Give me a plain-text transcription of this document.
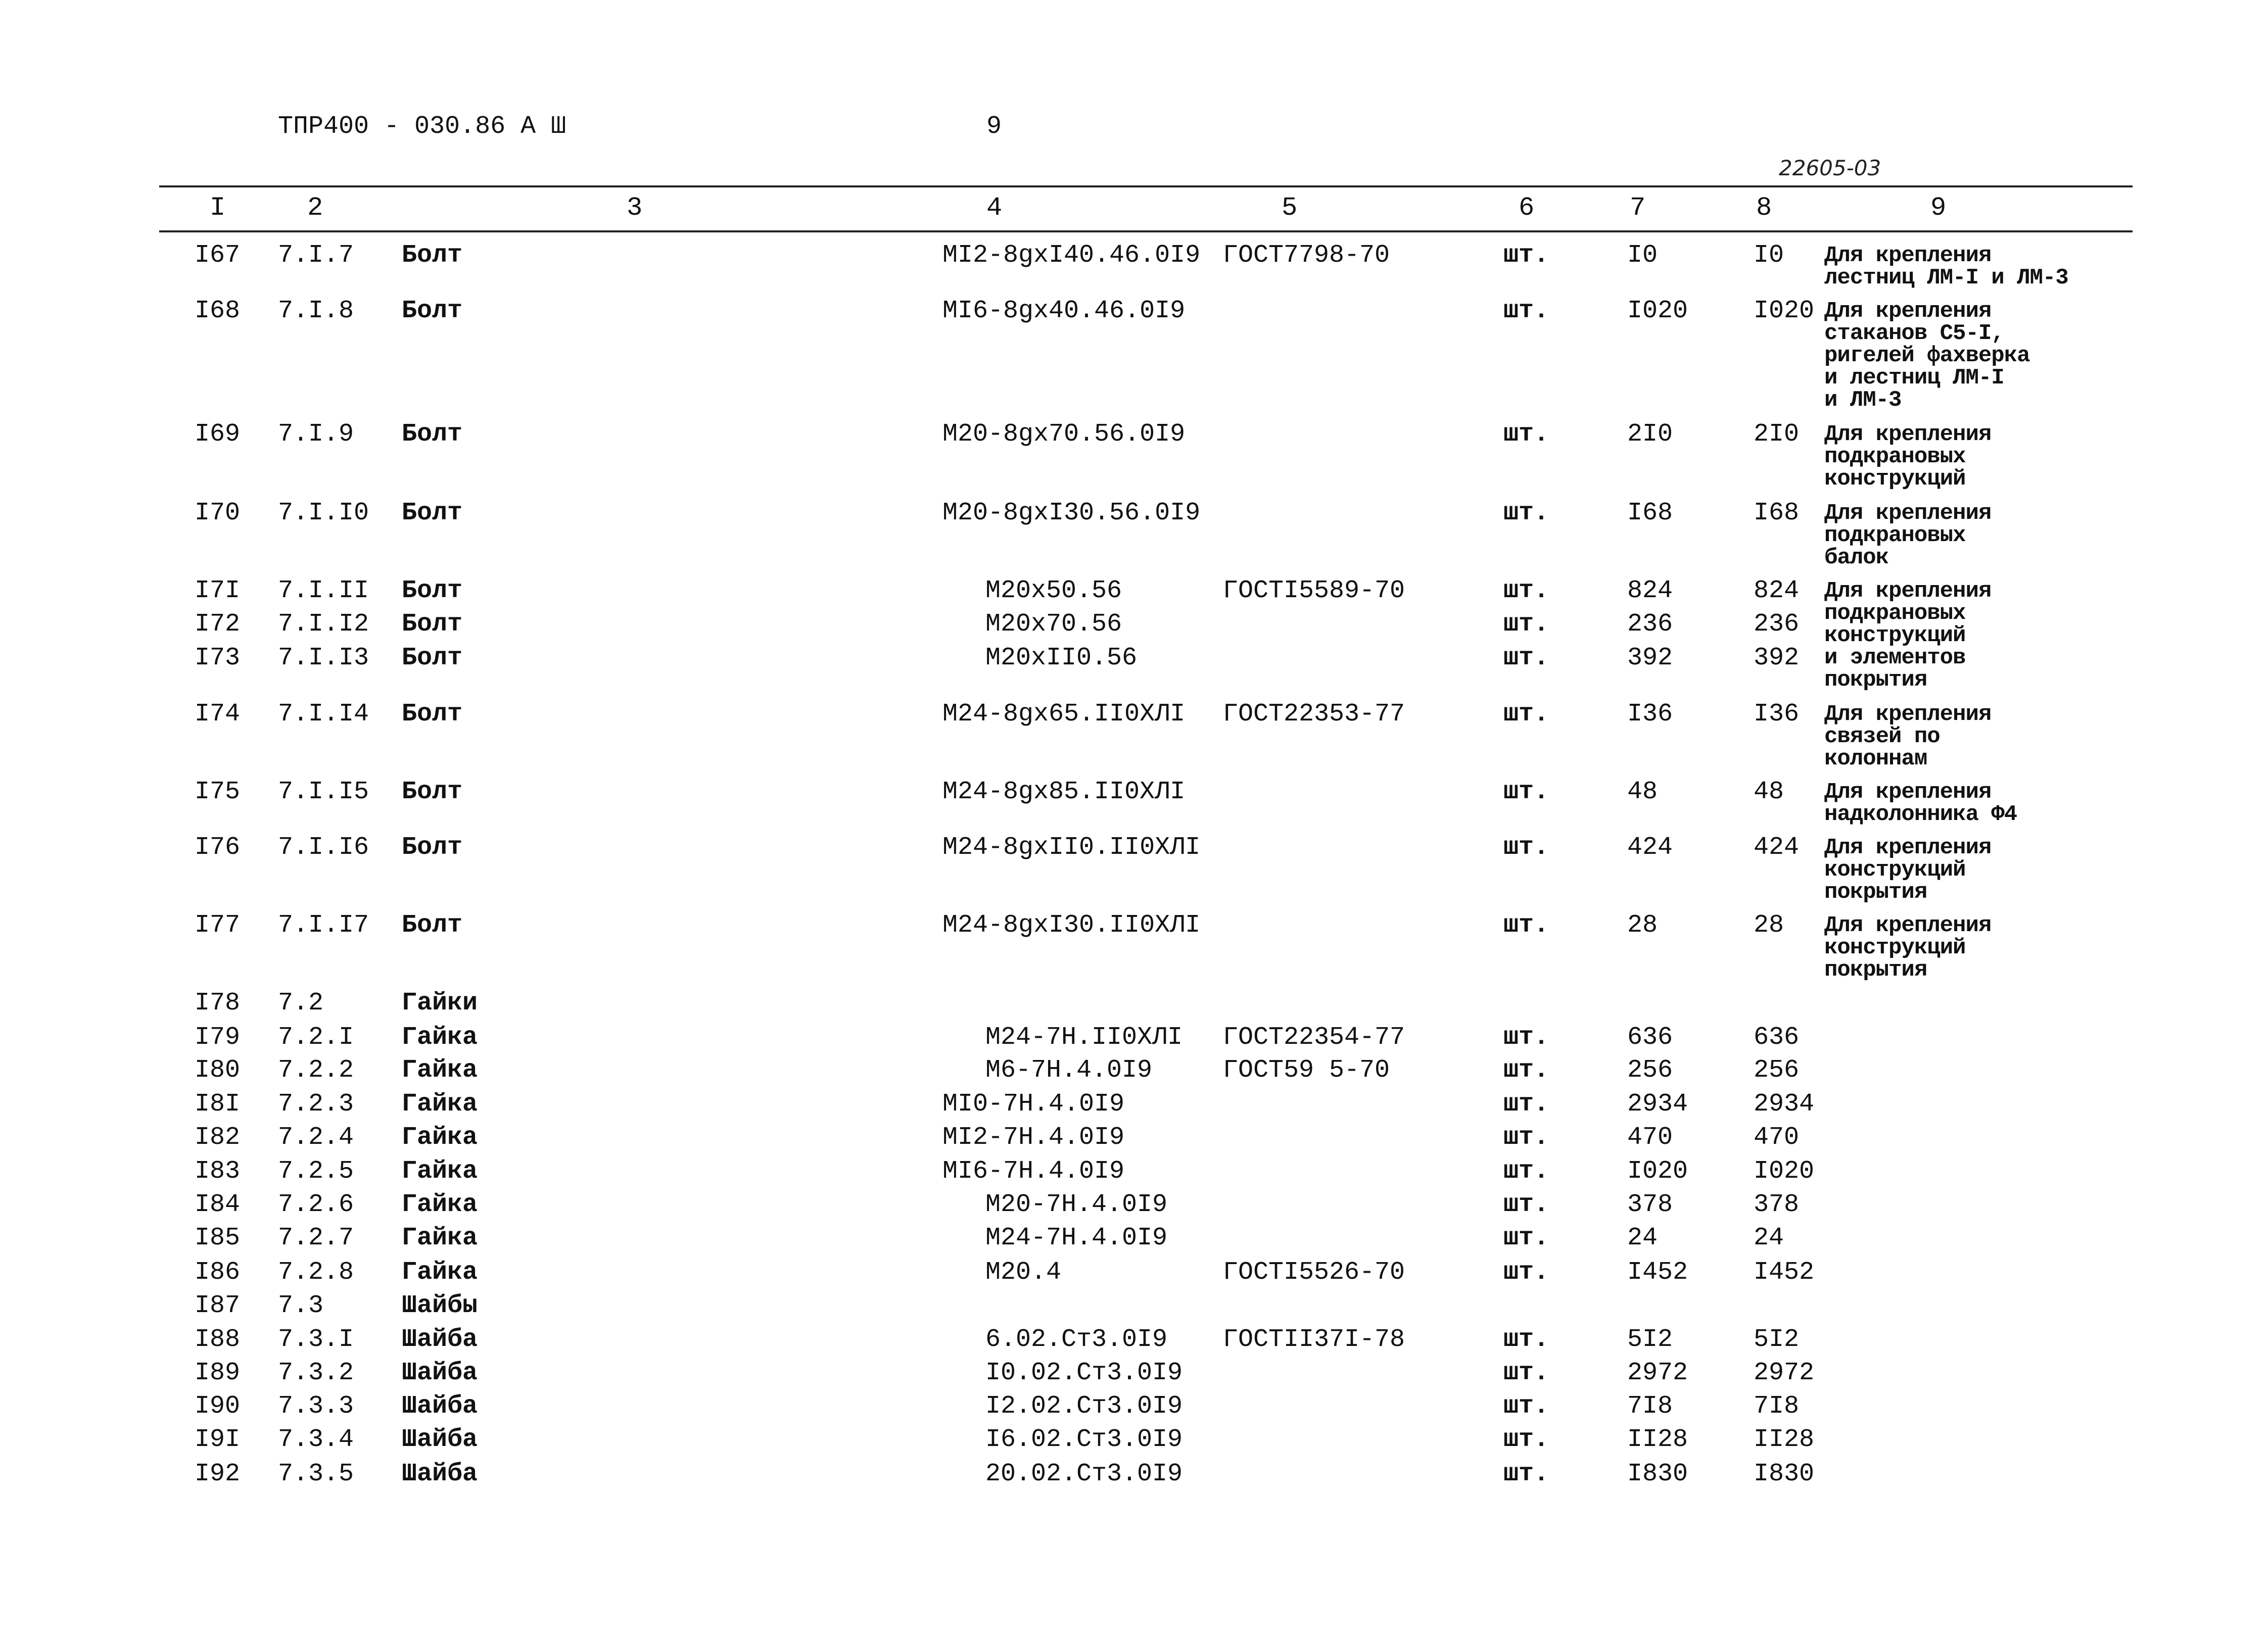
ТПР400 - 030.86 А Ш	9
22605-03
I	2	3	4	5	6	7	8	9
I67 7.I.7 Болт	MI2-8gxI40.46.0I9 ГОСТ7798-70	шт.	I0	I0 Для крепления
лестниц ЛМ-I и ЛМ-3
I68 7.I.8 Болт	MI6-8gx40.46.0I9	шт.	I020	I020 Для крепления
стаканов С5-I,
ригелей фахверка
и лестниц ЛМ-I
и ЛМ-3
I69 7.I.9 Болт	M20-8gx70.56.0I9	шт.	2I0	2I0 Для крепления
подкрановых
конструкций
I70 7.I.I0 Болт	M20-8gxI30.56.0I9	шт.	I68	I68 Для крепления
подкрановых
балок
I7I 7.I.II Болт	M20x50.56	ГОСТI5589-70	шт.	824	824 Для крепления
подкрановых
конструкций
и элементов
покрытия
I72 7.I.I2 Болт	M20x70.56	шт.	236	236
I73 7.I.I3 Болт	M20xII0.56	шт.	392	392
I74 7.I.I4 Болт	M24-8gx65.II0XЛI ГОСТ22353-77	шт.	I36	I36 Для крепления
связей по
колоннам
I75 7.I.I5 Болт	M24-8gx85.II0XЛI	шт.	48	48 Для крепления
надколонника Ф4
I76 7.I.I6 Болт	M24-8gxII0.II0XЛI	шт.	424	424 Для крепления
конструкций
покрытия
I77 7.I.I7 Болт	M24-8gxI30.II0XЛI	шт.	28	28 Для крепления
конструкций
покрытия
I78 7.2	Гайки
I79 7.2.I Гайка	M24-7H.II0XЛI ГОСТ22354-77	шт.	636	636
I80 7.2.2 Гайка	M6-7H.4.0I9	ГОСТ59 5-70	шт.	256	256
I8I 7.2.3 Гайка	MI0-7H.4.0I9	шт.	2934	2934
I82 7.2.4 Гайка	MI2-7H.4.0I9	шт.	470	470
I83 7.2.5 Гайка	MI6-7H.4.0I9	шт.	I020	I020
I84 7.2.6 Гайка	M20-7H.4.0I9	шт.	378	378
I85 7.2.7 Гайка	M24-7H.4.0I9	шт.	24	24
I86 7.2.8 Гайка	M20.4	ГОСТI5526-70	шт.	I452	I452
I87 7.3	Шайбы
I88 7.3.I Шайба	6.02.Ст3.0I9 ГОСТII37I-78	шт.	5I2	5I2
I89 7.3.2 Шайба	I0.02.Ст3.0I9	шт.	2972	2972
I90 7.3.3 Шайба	I2.02.Ст3.0I9	шт.	7I8	7I8
I9I 7.3.4 Шайба	I6.02.Ст3.0I9	шт.	II28	II28
I92 7.3.5 Шайба	20.02.Ст3.0I9	шт.	I830	I830
